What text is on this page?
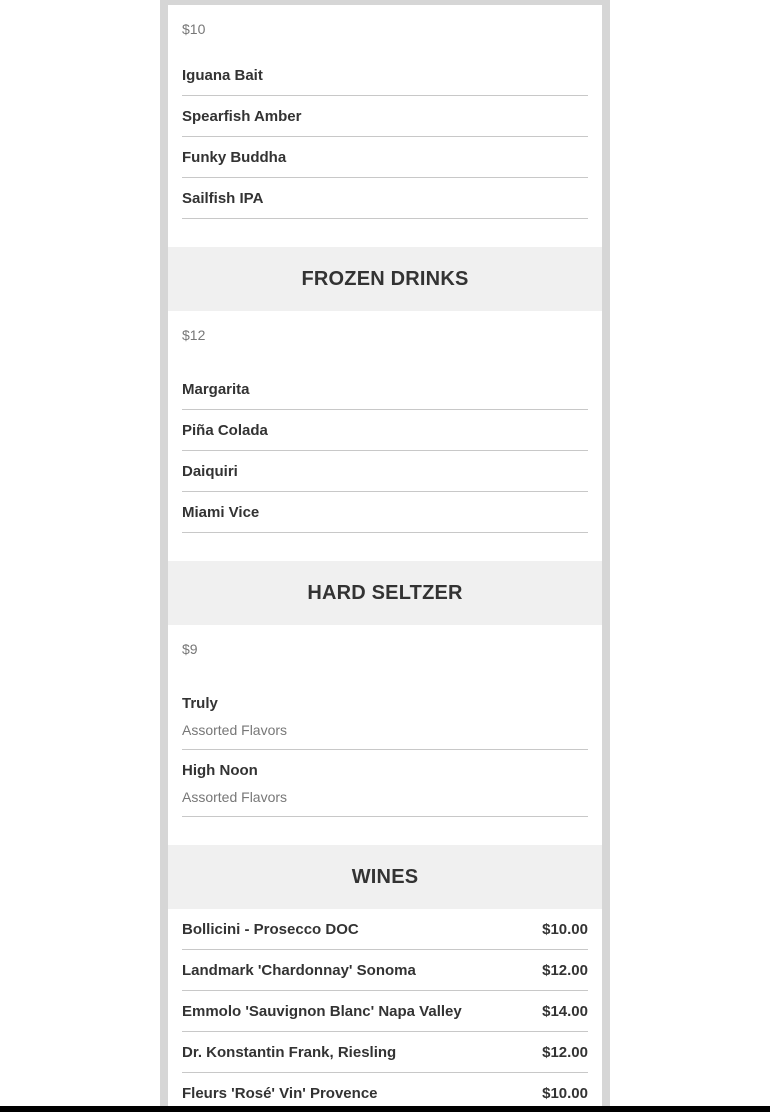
$10
Iguana Bait
Spearfish Amber
Funky Buddha
Sailfish IPA
FROZEN DRINKS
$12
Margarita
Piña Colada
Daiquiri
Miami Vice
HARD SELTZER
$9
Truly
Assorted Flavors
High Noon
Assorted Flavors
WINES
Bollicini - Prosecco DOC	$10.00
Landmark 'Chardonnay' Sonoma	$12.00
Emmolo 'Sauvignon Blanc' Napa Valley	$14.00
Dr. Konstantin Frank, Riesling	$12.00
Fleurs 'Rosé' Vin' Provence	$10.00
